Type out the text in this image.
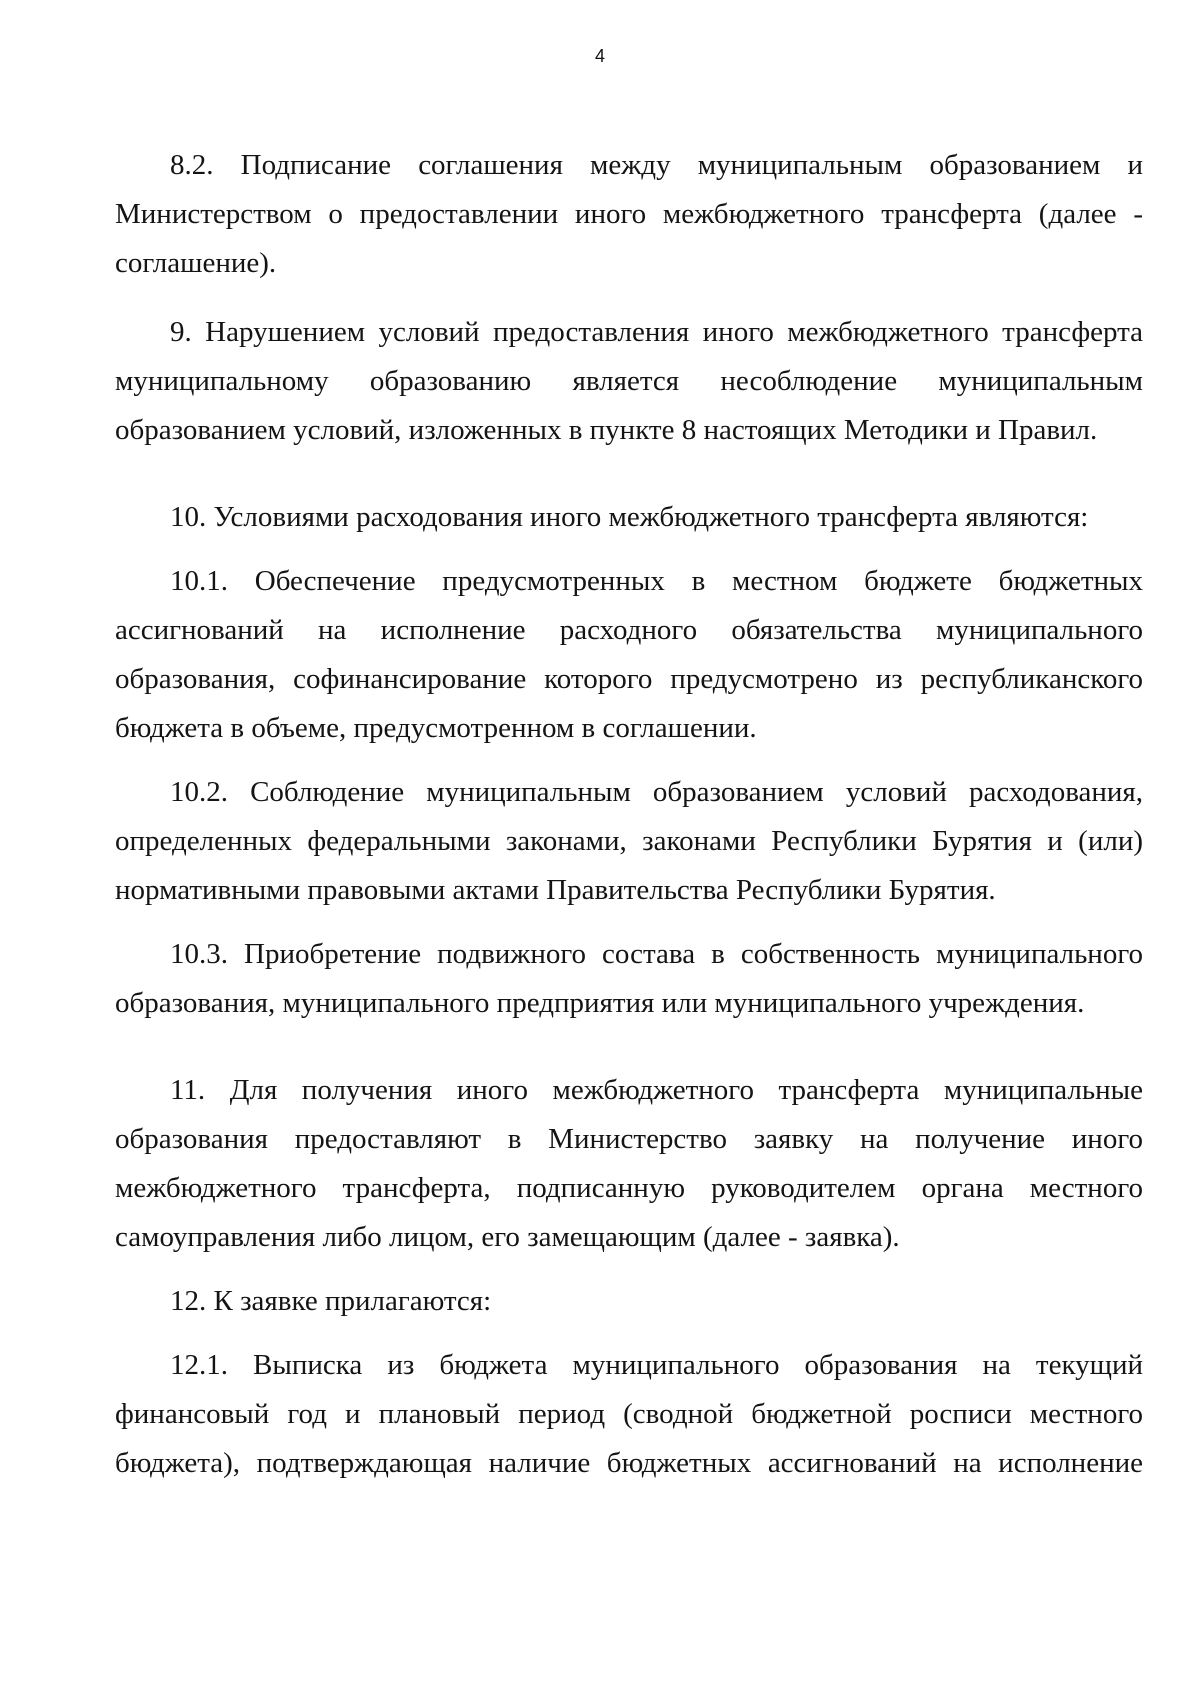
4

8.2. Подписание соглашения между муниципальным образованием и Министерством о предоставлении иного межбюджетного трансферта (далее - соглашение).

9. Нарушением условий предоставления иного межбюджетного трансферта муниципальному образованию является несоблюдение муниципальным образованием условий, изложенных в пункте 8 настоящих Методики и Правил.

10. Условиями расходования иного межбюджетного трансферта являются:

10.1. Обеспечение предусмотренных в местном бюджете бюджетных ассигнований на исполнение расходного обязательства муниципального образования, софинансирование которого предусмотрено из республиканского бюджета в объеме, предусмотренном в соглашении.

10.2. Соблюдение муниципальным образованием условий расходования, определенных федеральными законами, законами Республики Бурятия и (или) нормативными правовыми актами Правительства Республики Бурятия.

10.3. Приобретение подвижного состава в собственность муниципального образования, муниципального предприятия или муниципального учреждения.

11. Для получения иного межбюджетного трансферта муниципальные образования предоставляют в Министерство заявку на получение иного межбюджетного трансферта, подписанную руководителем органа местного самоуправления либо лицом, его замещающим (далее - заявка).

12. К заявке прилагаются:

12.1. Выписка из бюджета муниципального образования на текущий финансовый год и плановый период (сводной бюджетной росписи местного бюджета), подтверждающая наличие бюджетных ассигнований на исполнение
